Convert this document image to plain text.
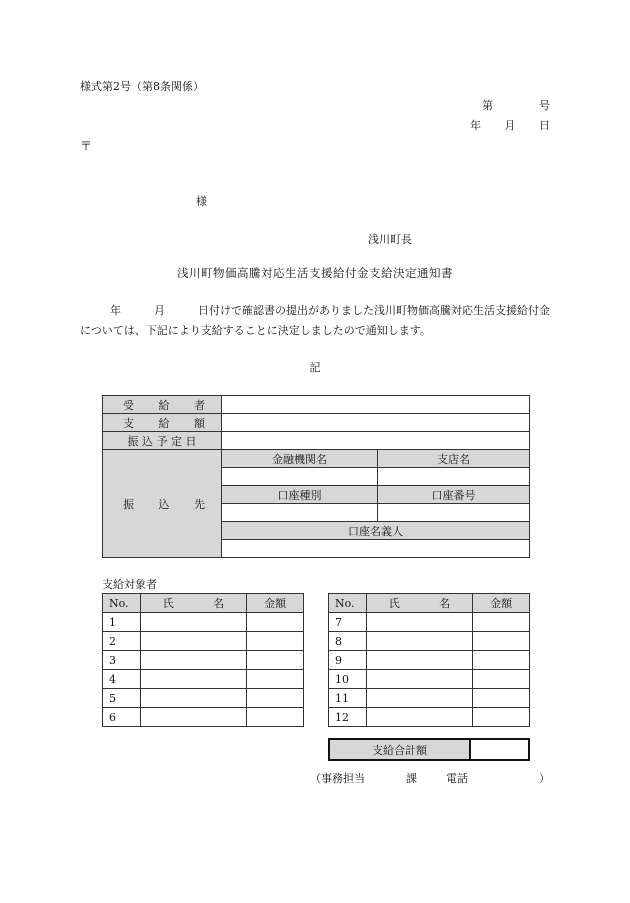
様式第2号（第8条関係）
第	号
年 月 日
〒
様
浅川町長
浅川町物価高騰対応生活支援給付金支給決定通知書
年	月	日付けで確認書の提出がありました浅川町物価高騰対応生活支援給付金
については、下記により支給することに決定しましたので通知します。
記
受 給 者		

支 給 額		

振 込 予 定 日		

振 込 先	金融機関名	支店名

	口座種別	口座番号

	口座名義人	

支給対象者
No.	氏 名	金額
1		
2		
3		
4		
5		
6		
No.	氏 名	金額
7		
8		
9		
10		
11		
12		
支給合計額	
（事務担当	課	電話	）
